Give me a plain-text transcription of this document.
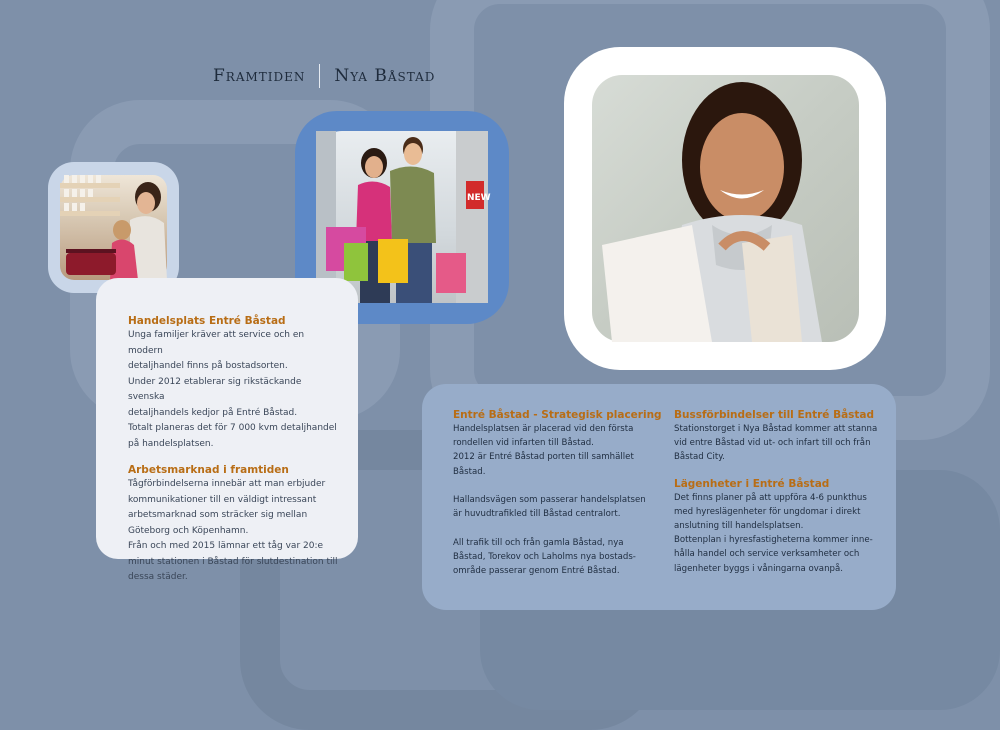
Framtiden Nya Båstad
NEW
Handelsplats Entré Båstad

Unga familjer kräver att service och en modern

detaljhandel finns på bostadsorten.

Under 2012 etablerar sig rikstäckande svenska

detaljhandels kedjor på Entré Båstad.

Totalt planeras det för 7 000 kvm detaljhandel

på handelsplatsen.

Arbetsmarknad i framtiden

Tågförbindelserna innebär att man erbjuder

kommunikationer till en väldigt intressant

arbetsmarknad som sträcker sig mellan

Göteborg och Köpenhamn.

Från och med 2015 lämnar ett tåg var 20:e

minut stationen i Båstad för slutdestination till

dessa städer.

Entré Båstad - Strategisk placering

Handelsplatsen är placerad vid den första

rondellen vid infarten till Båstad.

2012 är Entré Båstad porten till samhället

Båstad.

Hallandsvägen som passerar handelsplatsen

är huvudtrafikled till Båstad centralort.

All trafik till och från gamla Båstad, nya

Båstad, Torekov och Laholms nya bostads-

område passerar genom Entré Båstad.

Bussförbindelser till Entré Båstad

Stationstorget i Nya Båstad kommer att stanna

vid entre Båstad vid ut- och infart till och från

Båstad City.

Lägenheter i Entré Båstad

Det finns planer på att uppföra 4-6 punkthus

med hyreslägenheter för ungdomar i direkt

anslutning till handelsplatsen.

Bottenplan i hyresfastigheterna kommer inne-

hålla handel och service verksamheter och

lägenheter byggs i våningarna ovanpå.
